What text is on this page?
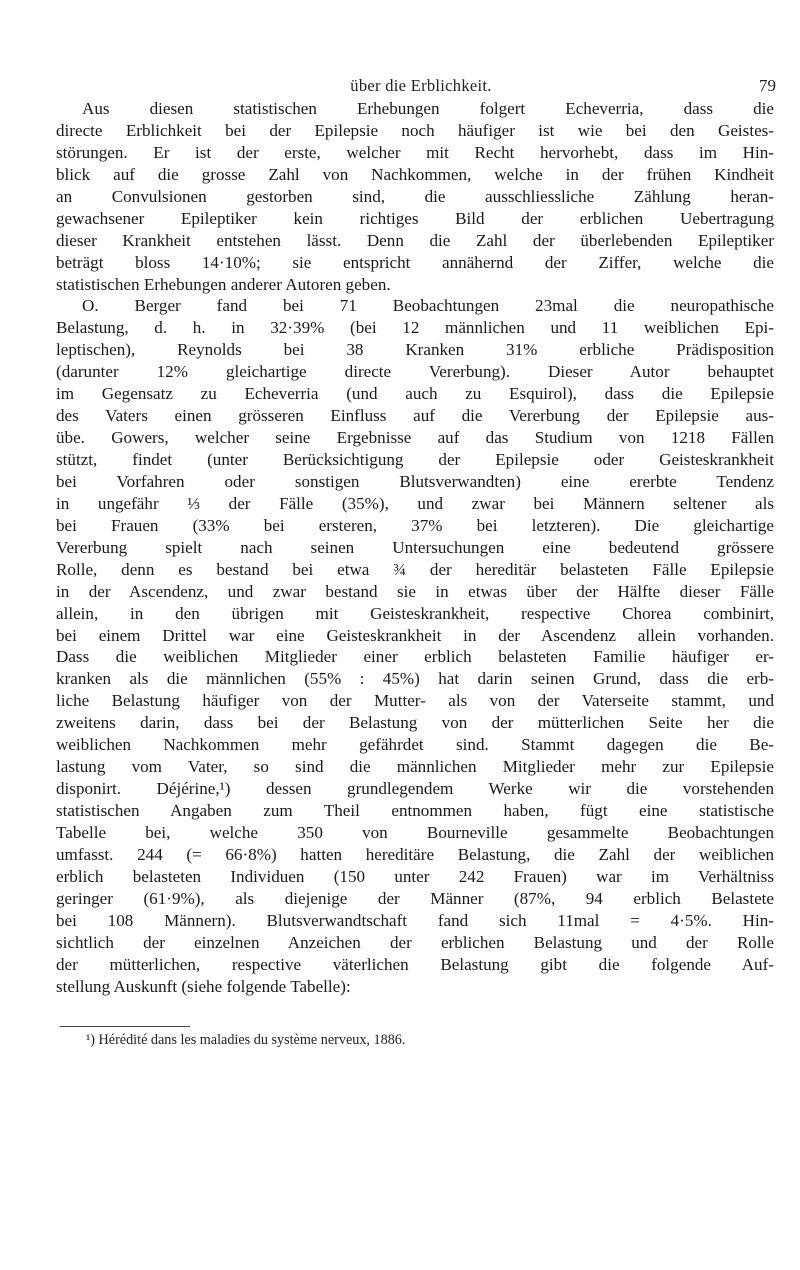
über die Erblichkeit.	79
Aus diesen statistischen Erhebungen folgert Echeverria, dass die
directe Erblichkeit bei der Epilepsie noch häufiger ist wie bei den Geistes-
störungen. Er ist der erste, welcher mit Recht hervorhebt, dass im Hin-
blick auf die grosse Zahl von Nachkommen, welche in der frühen Kindheit
an Convulsionen gestorben sind, die ausschliessliche Zählung heran-
gewachsener Epileptiker kein richtiges Bild der erblichen Uebertragung
dieser Krankheit entstehen lässt. Denn die Zahl der überlebenden Epileptiker
beträgt bloss 14·10%; sie entspricht annähernd der Ziffer, welche die
statistischen Erhebungen anderer Autoren geben.
O. Berger fand bei 71 Beobachtungen 23mal die neuropathische
Belastung, d. h. in 32·39% (bei 12 männlichen und 11 weiblichen Epi-
leptischen), Reynolds bei 38 Kranken 31% erbliche Prädisposition
(darunter 12% gleichartige directe Vererbung). Dieser Autor behauptet
im Gegensatz zu Echeverria (und auch zu Esquirol), dass die Epilepsie
des Vaters einen grösseren Einfluss auf die Vererbung der Epilepsie aus-
übe. Gowers, welcher seine Ergebnisse auf das Studium von 1218 Fällen
stützt, findet (unter Berücksichtigung der Epilepsie oder Geisteskrankheit
bei Vorfahren oder sonstigen Blutsverwandten) eine ererbte Tendenz
in ungefähr ⅓ der Fälle (35%), und zwar bei Männern seltener als
bei Frauen (33% bei ersteren, 37% bei letzteren). Die gleichartige
Vererbung spielt nach seinen Untersuchungen eine bedeutend grössere
Rolle, denn es bestand bei etwa ¾ der hereditär belasteten Fälle Epilepsie
in der Ascendenz, und zwar bestand sie in etwas über der Hälfte dieser Fälle
allein, in den übrigen mit Geisteskrankheit, respective Chorea combinirt,
bei einem Drittel war eine Geisteskrankheit in der Ascendenz allein vorhanden.
Dass die weiblichen Mitglieder einer erblich belasteten Familie häufiger er-
kranken als die männlichen (55% : 45%) hat darin seinen Grund, dass die erb-
liche Belastung häufiger von der Mutter- als von der Vaterseite stammt, und
zweitens darin, dass bei der Belastung von der mütterlichen Seite her die
weiblichen Nachkommen mehr gefährdet sind. Stammt dagegen die Be-
lastung vom Vater, so sind die männlichen Mitglieder mehr zur Epilepsie
disponirt. Déjérine,¹) dessen grundlegendem Werke wir die vorstehenden
statistischen Angaben zum Theil entnommen haben, fügt eine statistische
Tabelle bei, welche 350 von Bourneville gesammelte Beobachtungen
umfasst. 244 (= 66·8%) hatten hereditäre Belastung, die Zahl der weiblichen
erblich belasteten Individuen (150 unter 242 Frauen) war im Verhältniss
geringer (61·9%), als diejenige der Männer (87%, 94 erblich Belastete
bei 108 Männern). Blutsverwandtschaft fand sich 11mal = 4·5%. Hin-
sichtlich der einzelnen Anzeichen der erblichen Belastung und der Rolle
der mütterlichen, respective väterlichen Belastung gibt die folgende Auf-
stellung Auskunft (siehe folgende Tabelle):
¹) Hérédité dans les maladies du système nerveux, 1886.
